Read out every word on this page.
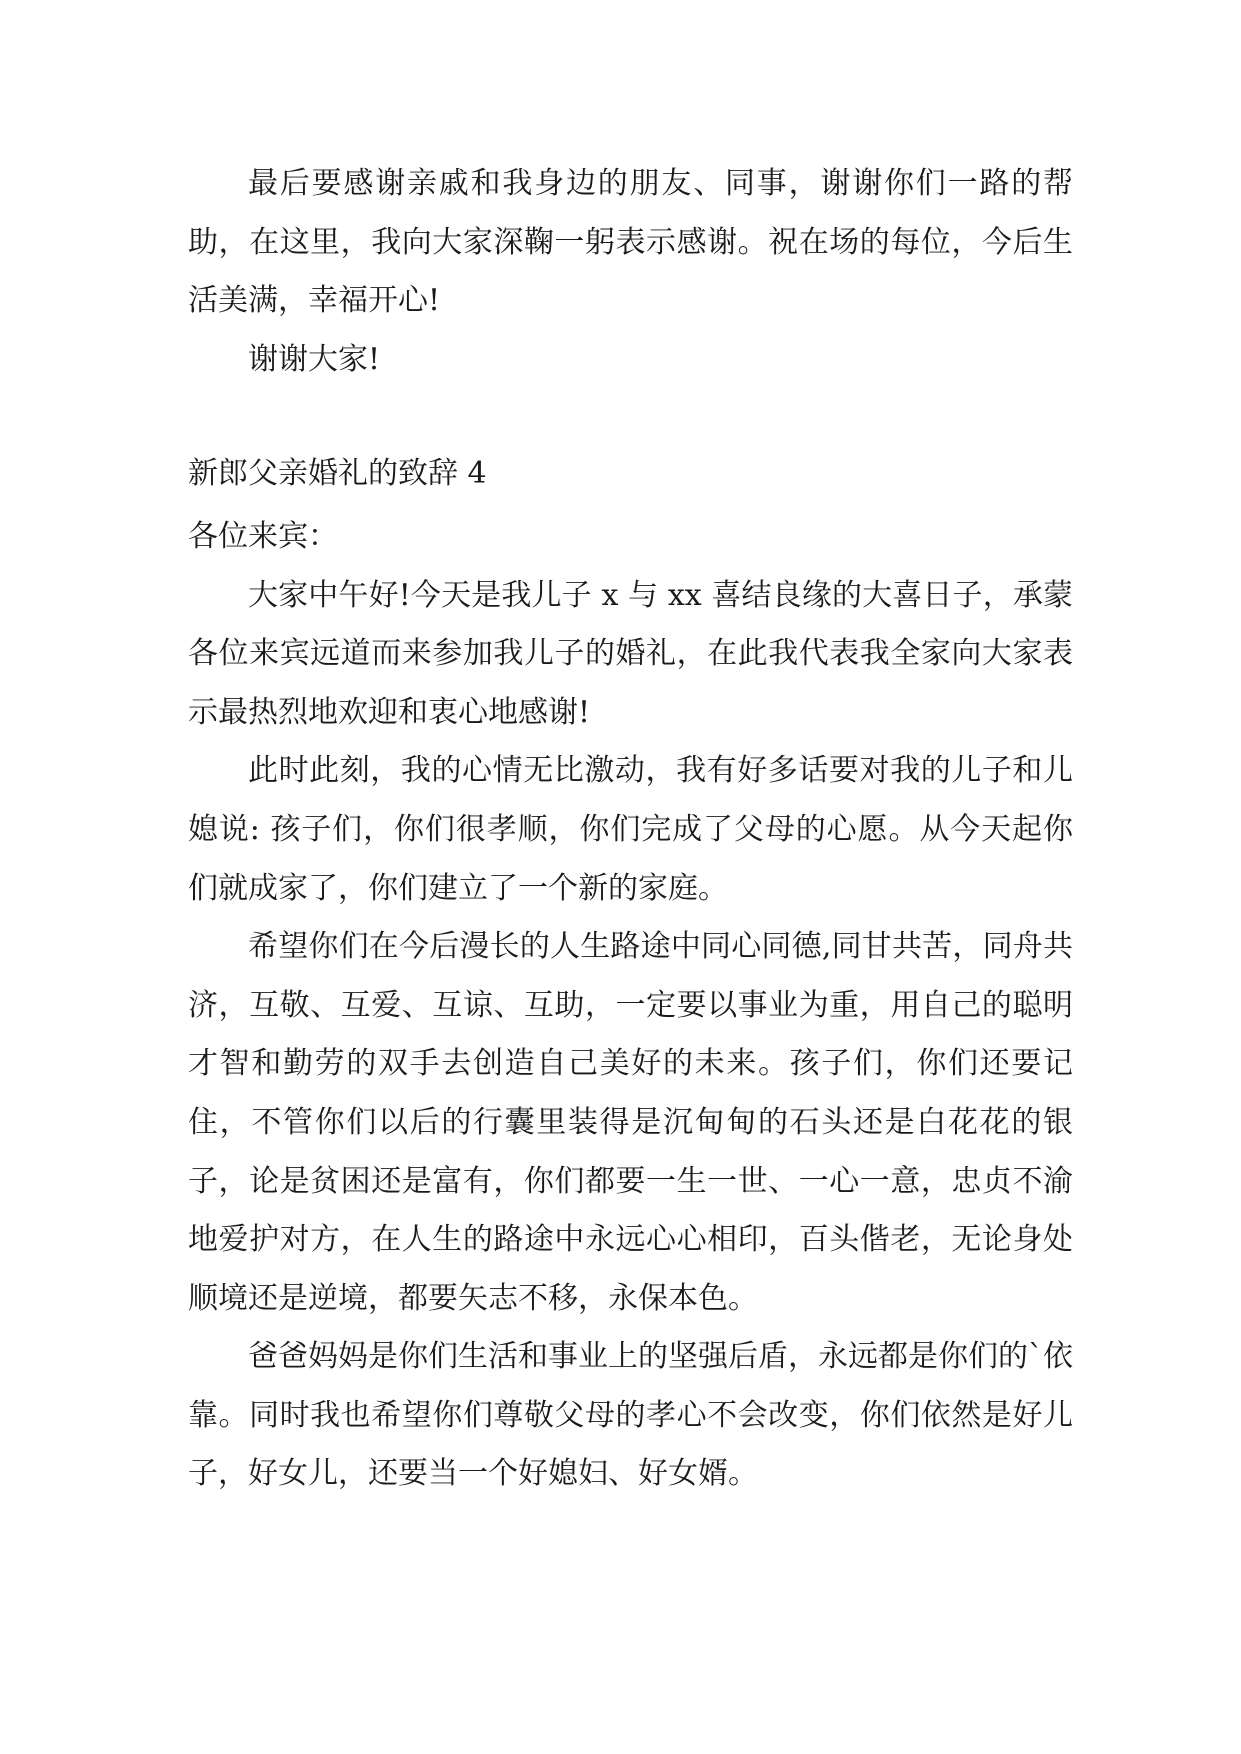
最后要感谢亲戚和我身边的朋友、同事，谢谢你们一路的帮助，在这里，我向大家深鞠一躬表示感谢。祝在场的每位，今后生活美满，幸福开心!

谢谢大家!

新郎父亲婚礼的致辞 4

各位来宾：

大家中午好!今天是我儿子 x 与 xx 喜结良缘的大喜日子，承蒙各位来宾远道而来参加我儿子的婚礼，在此我代表我全家向大家表示最热烈地欢迎和衷心地感谢!

此时此刻，我的心情无比激动，我有好多话要对我的儿子和儿媳说: 孩子们，你们很孝顺，你们完成了父母的心愿。从今天起你们就成家了，你们建立了一个新的家庭。

希望你们在今后漫长的人生路途中同心同德,同甘共苦，同舟共济，互敬、互爱、互谅、互助，一定要以事业为重，用自己的聪明才智和勤劳的双手去创造自己美好的未来。孩子们，你们还要记住，不管你们以后的行囊里装得是沉甸甸的石头还是白花花的银子，论是贫困还是富有，你们都要一生一世、一心一意，忠贞不渝地爱护对方，在人生的路途中永远心心相印，百头偕老，无论身处顺境还是逆境，都要矢志不移，永保本色。

爸爸妈妈是你们生活和事业上的坚强后盾，永远都是你们的`依靠。同时我也希望你们尊敬父母的孝心不会改变，你们依然是好儿子，好女儿，还要当一个好媳妇、好女婿。
